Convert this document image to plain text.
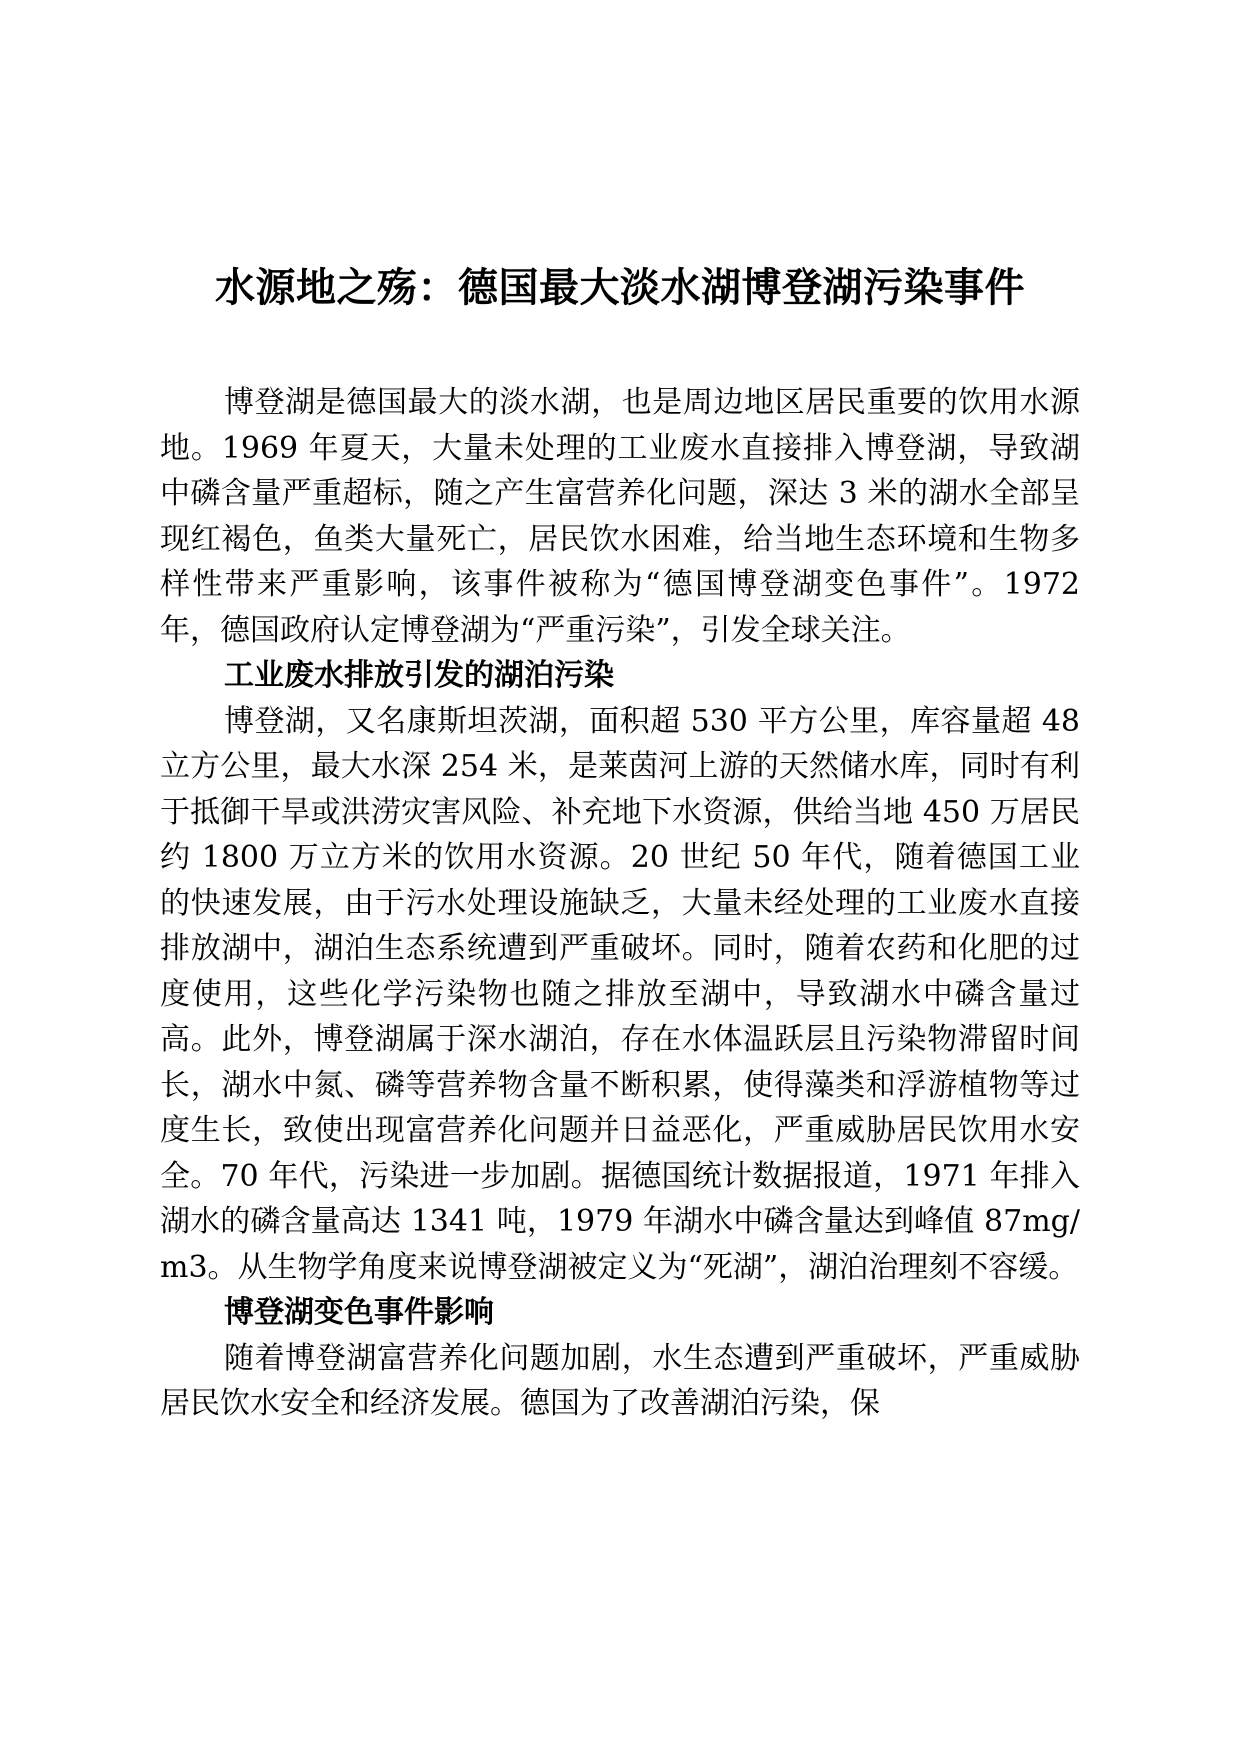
水源地之殇：德国最大淡水湖博登湖污染事件

博登湖是德国最大的淡水湖，也是周边地区居民重要的饮用水源地。1969 年夏天，大量未处理的工业废水直接排入博登湖，导致湖中磷含量严重超标，随之产生富营养化问题，深达 3 米的湖水全部呈现红褐色，鱼类大量死亡，居民饮水困难，给当地生态环境和生物多样性带来严重影响，该事件被称为“德国博登湖变色事件”。1972 年，德国政府认定博登湖为“严重污染”，引发全球关注。

工业废水排放引发的湖泊污染

博登湖，又名康斯坦茨湖，面积超 530 平方公里，库容量超 48 立方公里，最大水深 254 米，是莱茵河上游的天然储水库，同时有利于抵御干旱或洪涝灾害风险、补充地下水资源，供给当地 450 万居民约 1800 万立方米的饮用水资源。20 世纪 50 年代，随着德国工业的快速发展，由于污水处理设施缺乏，大量未经处理的工业废水直接排放湖中，湖泊生态系统遭到严重破坏。同时，随着农药和化肥的过度使用，这些化学污染物也随之排放至湖中，导致湖水中磷含量过高。此外，博登湖属于深水湖泊，存在水体温跃层且污染物滞留时间长，湖水中氮、磷等营养物含量不断积累，使得藻类和浮游植物等过度生长，致使出现富营养化问题并日益恶化，严重威胁居民饮用水安全。70 年代，污染进一步加剧。据德国统计数据报道，1971 年排入湖水的磷含量高达 1341 吨，1979 年湖水中磷含量达到峰值 87mg/m3。从生物学角度来说博登湖被定义为“死湖”，湖泊治理刻不容缓。

博登湖变色事件影响

随着博登湖富营养化问题加剧，水生态遭到严重破坏，严重威胁居民饮水安全和经济发展。德国为了改善湖泊污染，保
